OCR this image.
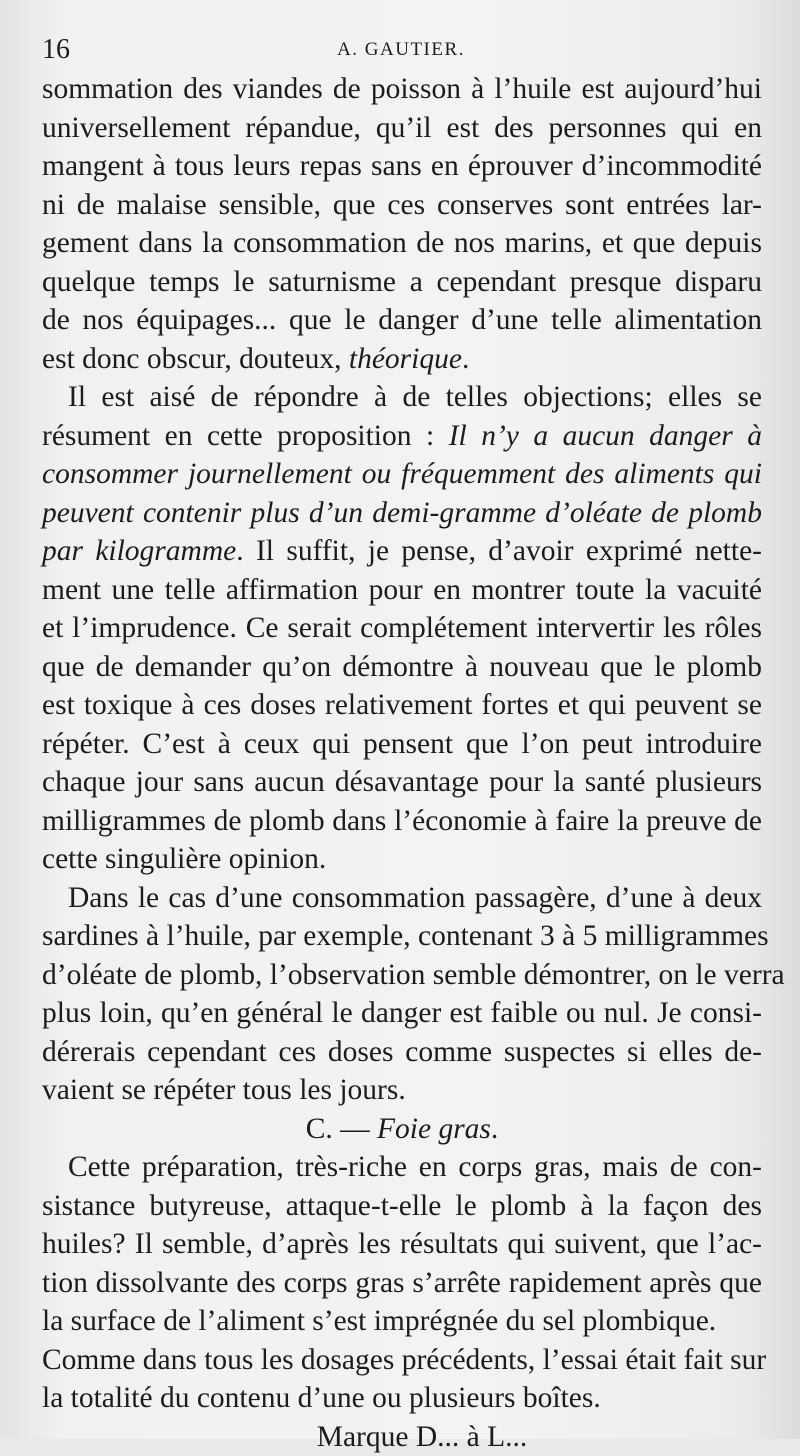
16	A. GAUTIER.
sommation des viandes de poisson à l’huile est aujourd’hui
universellement répandue, qu’il est des personnes qui en
mangent à tous leurs repas sans en éprouver d’incommodité
ni de malaise sensible, que ces conserves sont entrées lar-
gement dans la consommation de nos marins, et que depuis
quelque temps le saturnisme a cependant presque disparu
de nos équipages... que le danger d’une telle alimentation
est donc obscur, douteux, théorique.
Il est aisé de répondre à de telles objections; elles se
résument en cette proposition : Il n’y a aucun danger à
consommer journellement ou fréquemment des aliments qui
peuvent contenir plus d’un demi-gramme d’oléate de plomb
par kilogramme. Il suffit, je pense, d’avoir exprimé nette-
ment une telle affirmation pour en montrer toute la vacuité
et l’imprudence. Ce serait complétement intervertir les rôles
que de demander qu’on démontre à nouveau que le plomb
est toxique à ces doses relativement fortes et qui peuvent se
répéter. C’est à ceux qui pensent que l’on peut introduire
chaque jour sans aucun désavantage pour la santé plusieurs
milligrammes de plomb dans l’économie à faire la preuve de
cette singulière opinion.
Dans le cas d’une consommation passagère, d’une à deux
sardines à l’huile, par exemple, contenant 3 à 5 milligrammes
d’oléate de plomb, l’observation semble démontrer, on le verra
plus loin, qu’en général le danger est faible ou nul. Je consi-
dérerais cependant ces doses comme suspectes si elles de-
vaient se répéter tous les jours.
C. — Foie gras.
Cette préparation, très-riche en corps gras, mais de con-
sistance butyreuse, attaque-t-elle le plomb à la façon des
huiles? Il semble, d’après les résultats qui suivent, que l’ac-
tion dissolvante des corps gras s’arrête rapidement après que
la surface de l’aliment s’est imprégnée du sel plombique.
Comme dans tous les dosages précédents, l’essai était fait sur
la totalité du contenu d’une ou plusieurs boîtes.
Marque D... à L...
